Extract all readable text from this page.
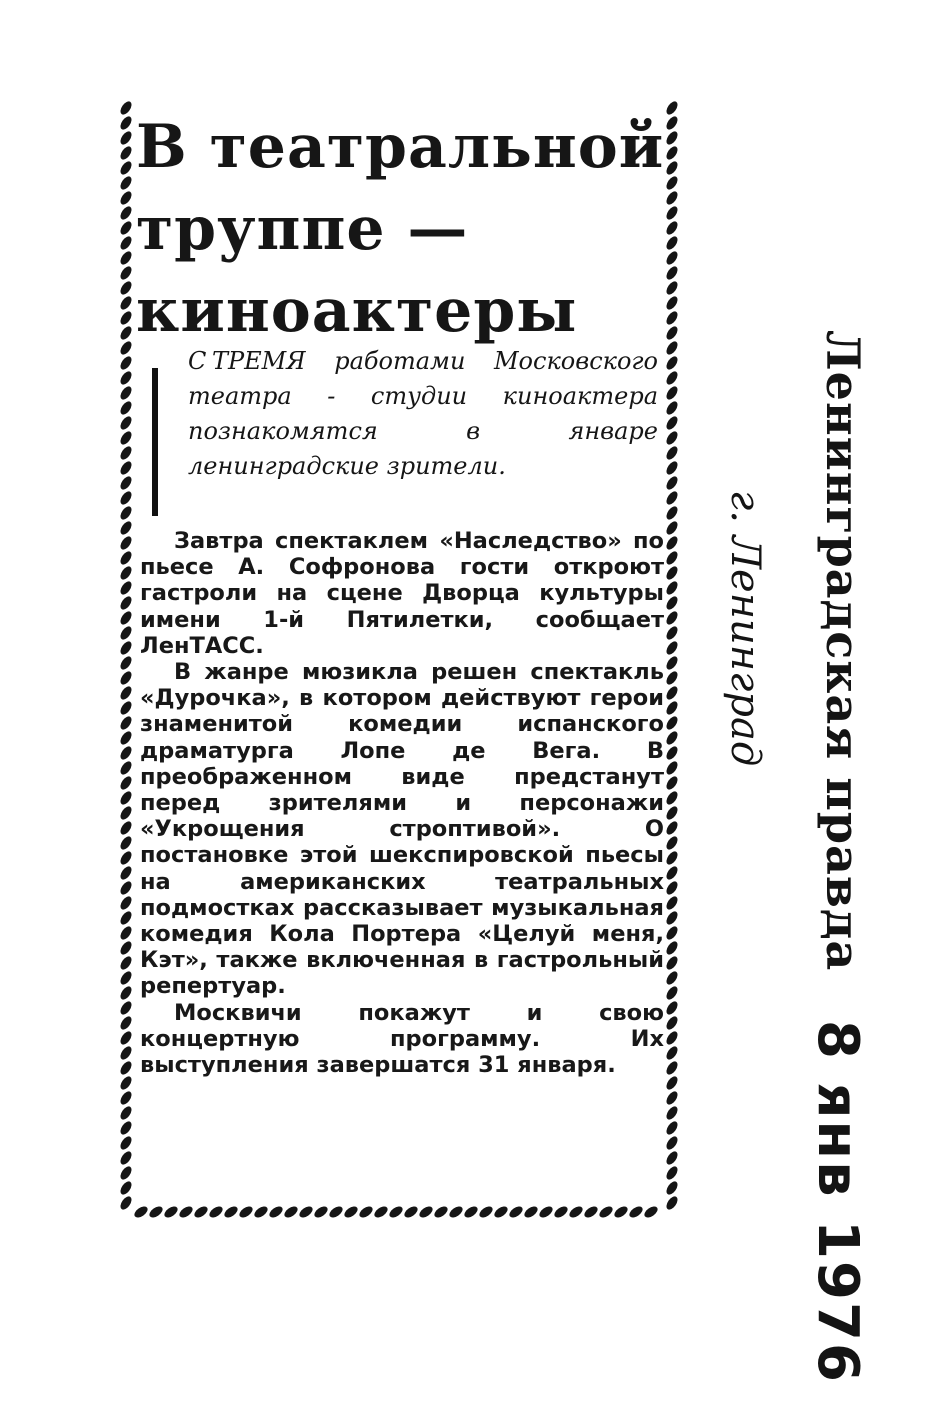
В театральной
труппе —
киноактеры

С ТРЕМЯ работами Московского театра - студии киноактера познакомятся в январе ленинградские зрители.

Завтра спектаклем «Наследство» по пьесе А. Софронова гости откроют гастроли на сцене Дворца культуры имени 1-й Пятилетки, сообщает ЛенТАСС.

В жанре мюзикла решен спектакль «Дурочка», в котором действуют герои знаменитой комедии испанского драматурга Лопе де Вега. В преображенном виде предстанут перед зрителями и персонажи «Укрощения строптивой». О постановке этой шекспировской пьесы на американских театральных подмостках рассказывает музыкальная комедия Кола Портера «Целуй меня, Кэт», также включенная в гастрольный репертуар.

Москвичи покажут и свою концертную программу. Их выступления завершатся 31 января.

Ленинградская правда
г. Ленинград
8 янв 1976
